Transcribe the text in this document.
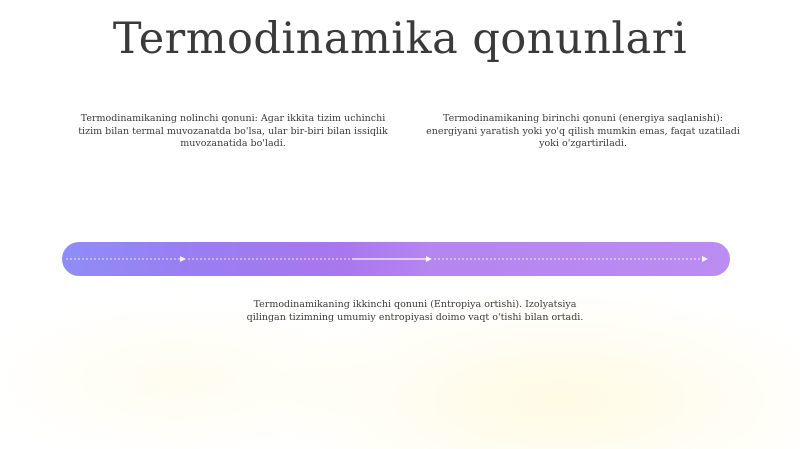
Termodinamika qonunlari
Termodinamikaning nolinchi qonuni: Agar ikkita tizim uchinchi tizim bilan termal muvozanatda bo'lsa, ular bir-biri bilan issiqlik muvozanatida bo'ladi.
Termodinamikaning birinchi qonuni (energiya saqlanishi): energiyani yaratish yoki yo'q qilish mumkin emas, faqat uzatiladi yoki o'zgartiriladi.
Termodinamikaning ikkinchi qonuni (Entropiya ortishi). Izolyatsiya qilingan tizimning umumiy entropiyasi doimo vaqt o'tishi bilan ortadi.
